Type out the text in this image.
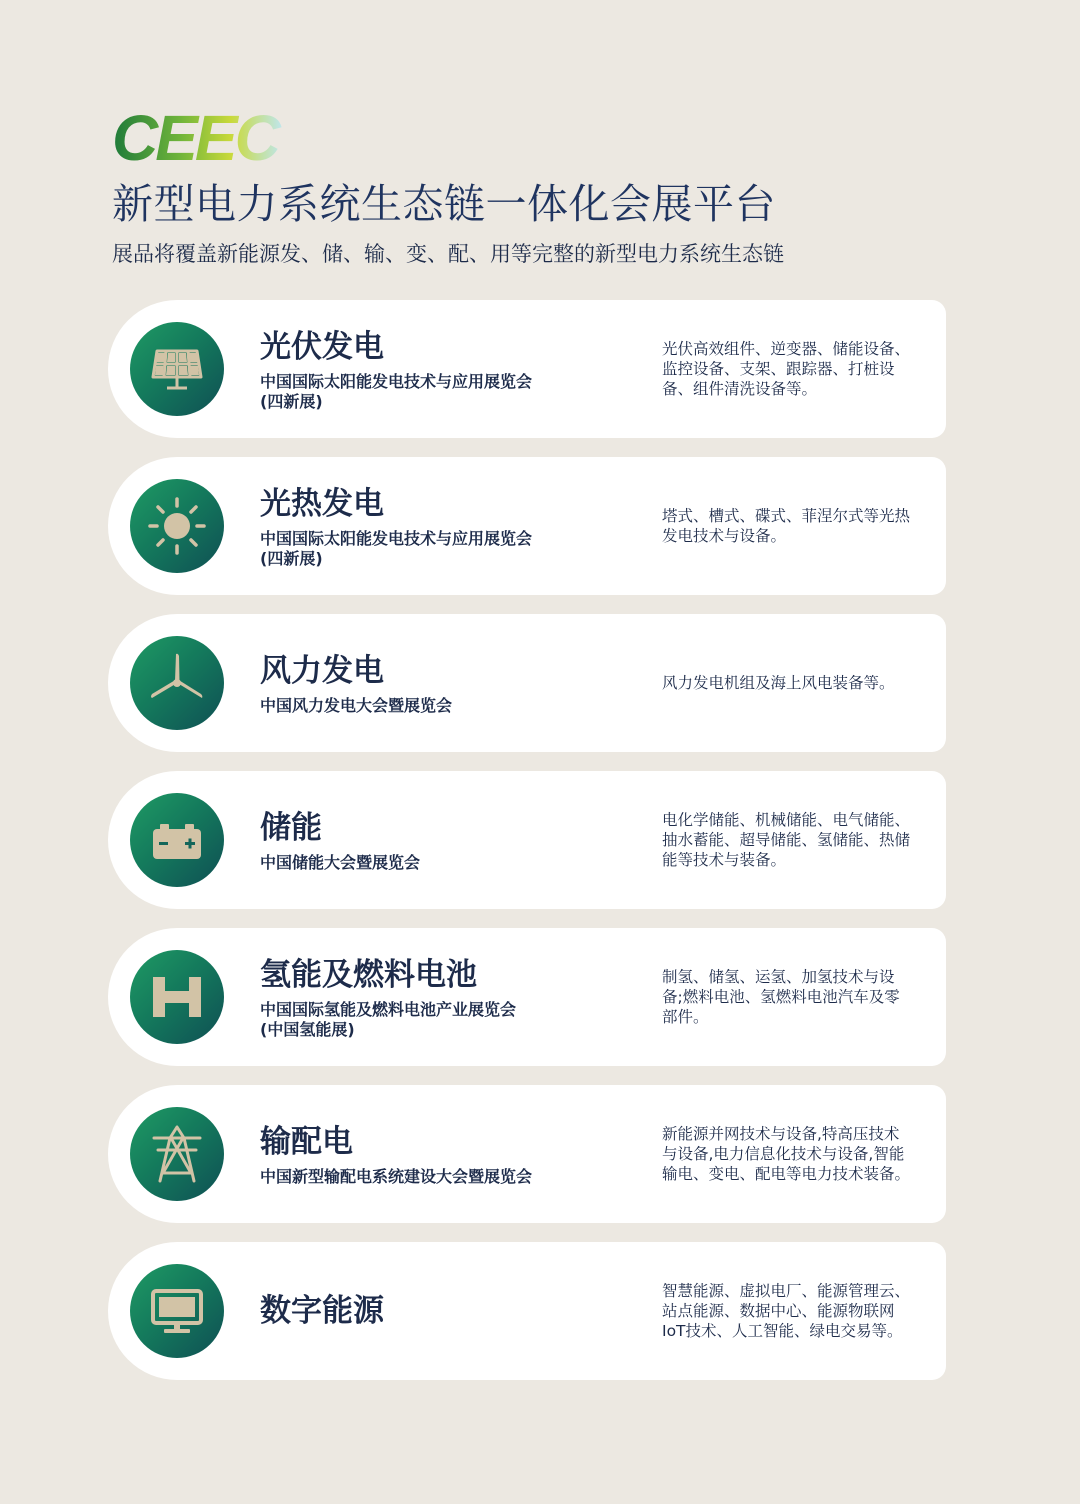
CEEC
新型电力系统生态链一体化会展平台
展品将覆盖新能源发、储、输、变、配、用等完整的新型电力系统生态链
光伏发电
中国国际太阳能发电技术与应用展览会
(四新展)
光伏高效组件、逆变器、储能设备、监控设备、支架、跟踪器、打桩设备、组件清洗设备等。
光热发电
中国国际太阳能发电技术与应用展览会
(四新展)
塔式、槽式、碟式、菲涅尔式等光热发电技术与设备。
风力发电
中国风力发电大会暨展览会
风力发电机组及海上风电装备等。
储能
中国储能大会暨展览会
电化学储能、机械储能、电气储能、抽水蓄能、超导储能、氢储能、热储能等技术与装备。
氢能及燃料电池
中国国际氢能及燃料电池产业展览会
(中国氢能展)
制氢、储氢、运氢、加氢技术与设备;燃料电池、氢燃料电池汽车及零部件。
输配电
中国新型输配电系统建设大会暨展览会
新能源并网技术与设备,特高压技术与设备,电力信息化技术与设备,智能输电、变电、配电等电力技术装备。
数字能源
智慧能源、虚拟电厂、能源管理云、站点能源、数据中心、能源物联网IoT技术、人工智能、绿电交易等。
